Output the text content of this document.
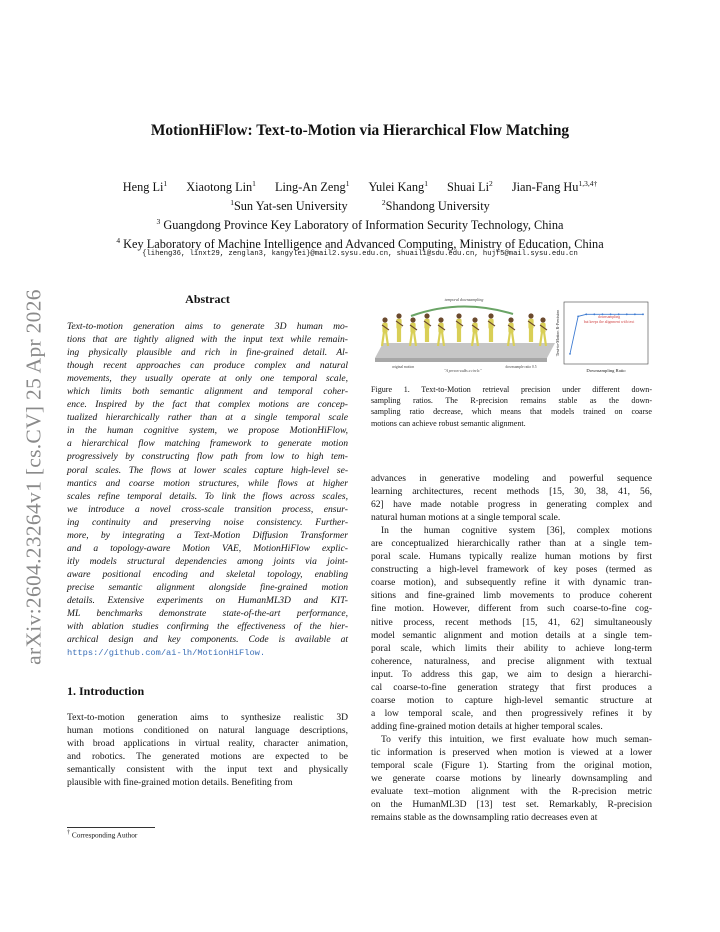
arXiv:2604.23264v1 [cs.CV] 25 Apr 2026
MotionHiFlow: Text-to-Motion via Hierarchical Flow Matching
Heng Li$^1$ Xiaotong Lin$^1$ Ling-An Zeng$^1$ Yulei Kang$^1$ Shuai Li$^2$ Jian-Fang $Hu^{1,3,4\dagger}$
$^1$Sun Yat-sen University	$^2$Shandong University
$^3$ Guangdong Province Key Laboratory of Information Security Technology, China
$^4$ Key Laboratory of Machine Intelligence and Advanced Computing, Ministry of Education, China
{liheng36, linxt29, zenglan3, kangylei}@mail2.sysu.edu.cn, shuaili@sdu.edu.cn, hujf5@mail.sysu.edu.cn
Abstract
Text-to-motion generation aims to generate 3D human mo-
tions that are tightly aligned with the input text while remain-
ing physically plausible and rich in fine-grained detail. Al-
though recent approaches can produce complex and natural
movements, they usually operate at only one temporal scale,
which limits both semantic alignment and temporal coher-
ence. Inspired by the fact that complex motions are concep-
tualized hierarchically rather than at a single temporal scale
in the human cognitive system, we propose MotionHiFlow,
a hierarchical flow matching framework to generate motion
progressively by constructing flow path from low to high tem-
poral scales. The flows at lower scales capture high-level se-
mantics and coarse motion structures, while flows at higher
scales refine temporal details. To link the flows across scales,
we introduce a novel cross-scale transition process, ensur-
ing continuity and preserving noise consistency. Further-
more, by integrating a Text-Motion Diffusion Transformer
and a topology-aware Motion VAE, MotionHiFlow explic-
itly models structural dependencies among joints via joint-
aware positional encoding and skeletal topology, enabling
precise semantic alignment alongside fine-grained motion
details. Extensive experiments on HumanML3D and KIT-
ML benchmarks demonstrate state-of-the-art performance,
with ablation studies confirming the effectiveness of the hier-
archical design and key components. Code is available at
https://github.com/ai-lh/MotionHiFlow.
1. Introduction
Text-to-motion generation aims to synthesize realistic 3D
human motions conditioned on natural language descriptions,
with broad applications in virtual reality, character animation,
and robotics. The generated motions are expected to be
semantically consistent with the input text and physically
plausible with fine-grained motion details. Benefiting from
† Corresponding Author
temporal downsampling
original motion
"A person walks a circle."
downsample ratio 0.5
Text-to-Motion R-Precision
Downsampling Ratio
downsampling
but keeps the alignment with text
Figure 1. Text-to-Motion retrieval precision under different down-
sampling ratios. The R-precision remains stable as the down-
sampling ratio decrease, which means that models trained on coarse
motions can achieve robust semantic alignment.
advances in generative modeling and powerful sequence
learning architectures, recent methods [15, 30, 38, 41, 56,
62] have made notable progress in generating complex and
natural human motions at a single temporal scale.
In the human cognitive system [36], complex motions
are conceptualized hierarchically rather than at a single tem-
poral scale. Humans typically realize human motions by first
constructing a high-level framework of key poses (termed as
coarse motion), and subsequently refine it with dynamic tran-
sitions and fine-grained limb movements to produce coherent
fine motion. However, different from such coarse-to-fine cog-
nitive process, recent methods [15, 41, 62] simultaneously
model semantic alignment and motion details at a single tem-
poral scale, which limits their ability to achieve long-term
coherence, naturalness, and precise alignment with textual
input. To address this gap, we aim to design a hierarchi-
cal coarse-to-fine generation strategy that first produces a
coarse motion to capture high-level semantic structure at
a low temporal scale, and then progressively refines it by
adding fine-grained motion details at higher temporal scales.
To verify this intuition, we first evaluate how much seman-
tic information is preserved when motion is viewed at a lower
temporal scale (Figure 1). Starting from the original motion,
we generate coarse motions by linearly downsampling and
evaluate text–motion alignment with the R-precision metric
on the HumanML3D [13] test set. Remarkably, R-precision
remains stable as the downsampling ratio decreases even at
